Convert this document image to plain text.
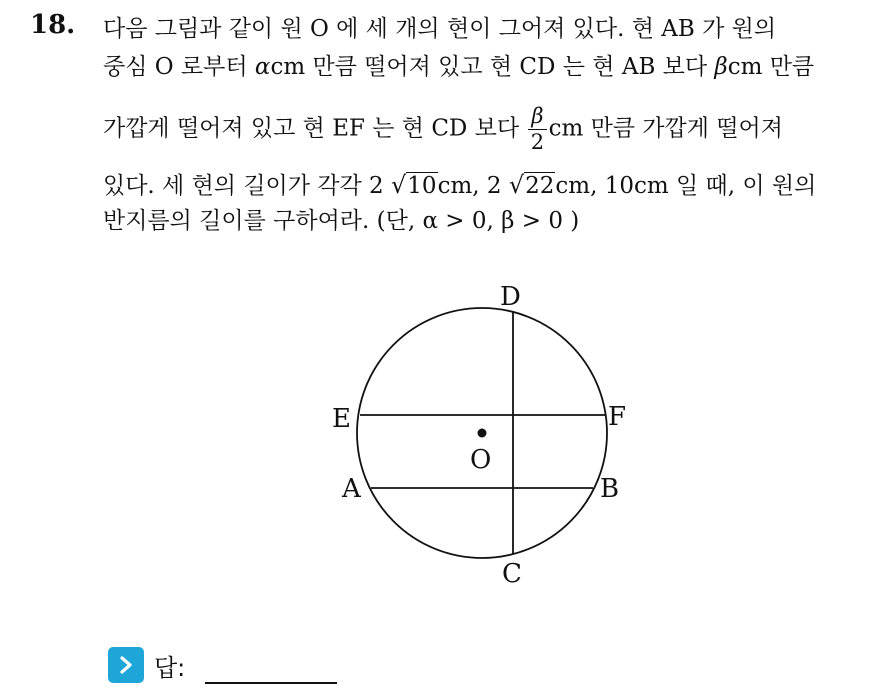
18. 다음 그림과 같이 원 O 에 세 개의 현이 그어져 있다. 현 AB 가 원의
중심 O 로부터 αcm 만큼 떨어져 있고 현 CD 는 현 AB 보다 βcm 만큼
가깝게 떨어져 있고 현 EF 는 현 CD 보다 $\frac{\beta}{2}$ cm 만큼 가깝게 떨어져
있다. 세 현의 길이가 각각 2 √10cm, 2 √22cm, 10cm 일 때, 이 원의
반지름의 길이를 구하여라. (단, α > 0, β > 0 )
D
C
E	F
A	B
O
답:
